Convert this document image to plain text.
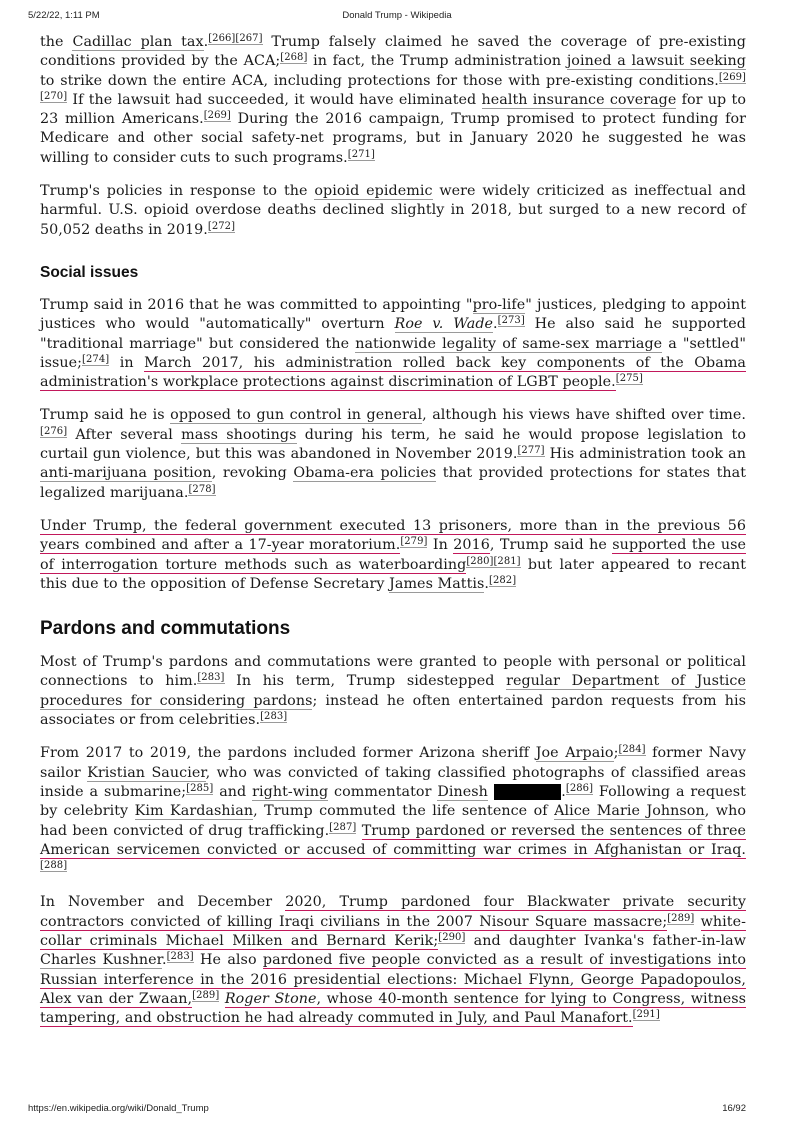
5/22/22, 1:11 PM	Donald Trump - Wikipedia

the Cadillac plan tax.[266][267] Trump falsely claimed he saved the coverage of pre-existing conditions provided by the ACA;[268] in fact, the Trump administration joined a lawsuit seeking to strike down the entire ACA, including protections for those with pre-existing conditions.[269][270] If the lawsuit had succeeded, it would have eliminated health insurance coverage for up to 23 million Americans.[269] During the 2016 campaign, Trump promised to protect funding for Medicare and other social safety-net programs, but in January 2020 he suggested he was willing to consider cuts to such programs.[271]

Trump's policies in response to the opioid epidemic were widely criticized as ineffectual and harmful. U.S. opioid overdose deaths declined slightly in 2018, but surged to a new record of 50,052 deaths in 2019.[272]

Social issues

Trump said in 2016 that he was committed to appointing "pro-life" justices, pledging to appoint justices who would "automatically" overturn Roe v. Wade.[273] He also said he supported "traditional marriage" but considered the nationwide legality of same-sex marriage a "settled" issue;[274] in March 2017, his administration rolled back key components of the Obama administration's workplace protections against discrimination of LGBT people.[275]

Trump said he is opposed to gun control in general, although his views have shifted over time.[276] After several mass shootings during his term, he said he would propose legislation to curtail gun violence, but this was abandoned in November 2019.[277] His administration took an anti-marijuana position, revoking Obama-era policies that provided protections for states that legalized marijuana.[278]

Under Trump, the federal government executed 13 prisoners, more than in the previous 56 years combined and after a 17-year moratorium.[279] In 2016, Trump said he supported the use of interrogation torture methods such as waterboarding[280][281] but later appeared to recant this due to the opposition of Defense Secretary James Mattis.[282]

Pardons and commutations

Most of Trump's pardons and commutations were granted to people with personal or political connections to him.[283] In his term, Trump sidestepped regular Department of Justice procedures for considering pardons; instead he often entertained pardon requests from his associates or from celebrities.[283]

From 2017 to 2019, the pardons included former Arizona sheriff Joe Arpaio;[284] former Navy sailor Kristian Saucier, who was convicted of taking classified photographs of classified areas inside a submarine;[285] and right-wing commentator Dinesh D'Souza .[286] Following a request by celebrity Kim Kardashian, Trump commuted the life sentence of Alice Marie Johnson, who had been convicted of drug trafficking.[287] Trump pardoned or reversed the sentences of three American servicemen convicted or accused of committing war crimes in Afghanistan or Iraq.[288]

In November and December 2020, Trump pardoned four Blackwater private security contractors convicted of killing Iraqi civilians in the 2007 Nisour Square massacre;[289] white-collar criminals Michael Milken and Bernard Kerik;[290] and daughter Ivanka's father-in-law Charles Kushner.[283] He also pardoned five people convicted as a result of investigations into Russian interference in the 2016 presidential elections: Michael Flynn, George Papadopoulos, Alex van der Zwaan,[289] Roger Stone, whose 40-month sentence for lying to Congress, witness tampering, and obstruction he had already commuted in July, and Paul Manafort.[291]

https://en.wikipedia.org/wiki/Donald_Trump	16/92
